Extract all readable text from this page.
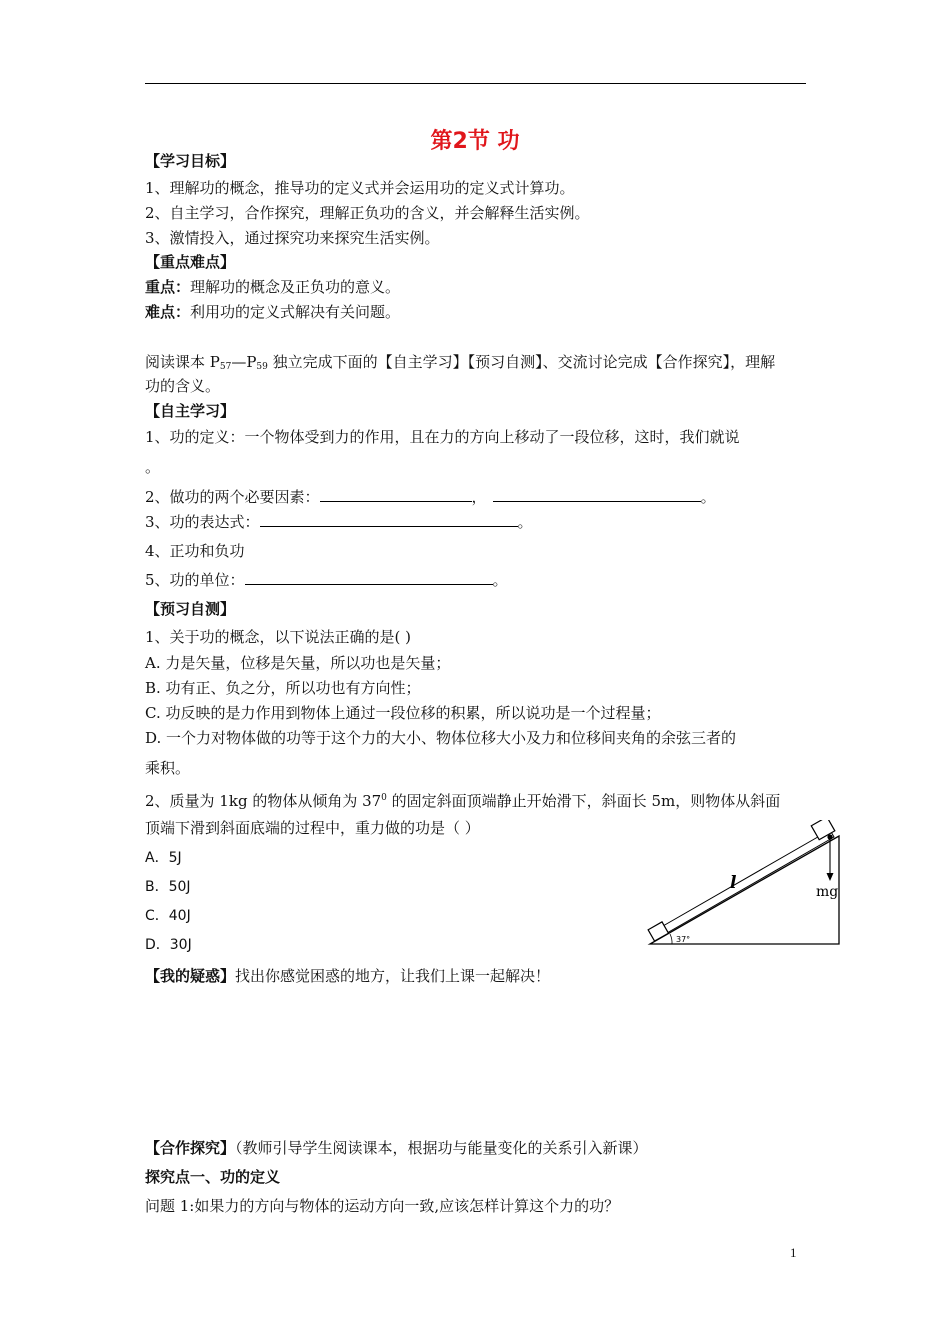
第2节 功
【学习目标】
1、理解功的概念，推导功的定义式并会运用功的定义式计算功。
2、自主学习，合作探究，理解正负功的含义，并会解释生活实例。
3、激情投入，通过探究功来探究生活实例。
【重点难点】
重点：理解功的概念及正负功的意义。
难点：利用功的定义式解决有关问题。
阅读课本 $P_{57}—P_{59}$ 独立完成下面的【自主学习】【预习自测】、交流讨论完成【合作探究】，理解
功的含义。
【自主学习】
1、功的定义：一个物体受到力的作用，且在力的方向上移动了一段位移，这时，我们就说
。
2、做功的两个必要因素：	，	。
3、功的表达式：	。
4、正功和负功
5、功的单位：	。
【预习自测】
1、关于功的概念，以下说法正确的是( )
A. 力是矢量，位移是矢量，所以功也是矢量；
B. 功有正、负之分，所以功也有方向性；
C. 功反映的是力作用到物体上通过一段位移的积累，所以说功是一个过程量；
D. 一个力对物体做的功等于这个力的大小、物体位移大小及力和位移间夹角的余弦三者的
乘积。
2、质量为 1kg 的物体从倾角为 $37^0$ 的固定斜面顶端静止开始滑下，斜面长 5m，则物体从斜面
顶端下滑到斜面底端的过程中，重力做的功是（ ）
A．5J
B．50J
C．40J
D．30J
l	mg
37°
【我的疑惑】找出你感觉困惑的地方，让我们上课一起解决！
【合作探究】（教师引导学生阅读课本，根据功与能量变化的关系引入新课）
探究点一、功的定义
问题 1:如果力的方向与物体的运动方向一致,应该怎样计算这个力的功？
1
